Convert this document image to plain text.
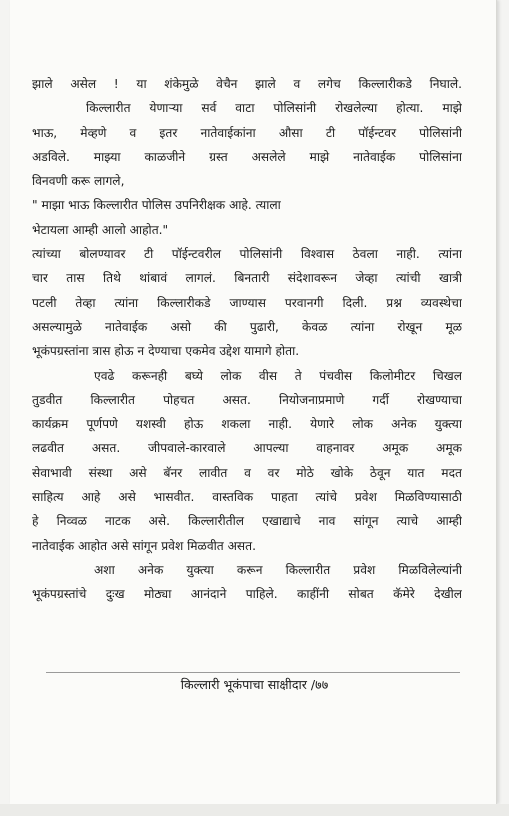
झाले असेल ! या शंकेमुळे वेचैन झाले व लगेच किल्लारीकडे निघाले.
किल्लारीत येणाऱ्या सर्व वाटा पोलिसांनी रोखलेल्या होत्या. माझे
भाऊ, मेव्हणे व इतर नातेवाईकांना औसा टी पॉईन्टवर पोलिसांनी
अडविले. माझ्या काळजीने ग्रस्त असलेले माझे नातेवाईक पोलिसांना
विनवणी करू लागले,
" माझा भाऊ किल्लारीत पोलिस उपनिरीक्षक आहे. त्याला
भेटायला आम्ही आलो आहोत."
त्यांच्या बोलण्यावर टी पॉईन्टवरील पोलिसांनी विश्वास ठेवला नाही. त्यांना
चार तास तिथे थांबावं लागलं. बिनतारी संदेशावरून जेव्हा त्यांची खात्री
पटली तेव्हा त्यांना किल्लारीकडे जाण्यास परवानगी दिली. प्रश्न व्यवस्थेचा
असल्यामुळे नातेवाईक असो की पुढारी, केवळ त्यांना रोखून मूळ
भूकंपग्रस्तांना त्रास होऊ न देण्याचा एकमेव उद्देश यामागे होता.
एवढे करूनही बघ्ये लोक वीस ते पंचवीस किलोमीटर चिखल
तुडवीत किल्लारीत पोहचत असत. नियोजनाप्रमाणे गर्दी रोखण्याचा
कार्यक्रम पूर्णपणे यशस्वी होऊ शकला नाही. येणारे लोक अनेक युक्त्या
लढवीत असत. जीपवाले-कारवाले आपल्या वाहनावर अमूक अमूक
सेवाभावी संस्था असे बॅनर लावीत व वर मोठे खोके ठेवून यात मदत
साहित्य आहे असे भासवीत. वास्तविक पाहता त्यांचे प्रवेश मिळविण्यासाठी
हे निव्वळ नाटक असे. किल्लारीतील एखाद्याचे नाव सांगून त्याचे आम्ही
नातेवाईक आहोत असे सांगून प्रवेश मिळवीत असत.
अशा अनेक युक्त्या करून किल्लारीत प्रवेश मिळविलेल्यांनी
भूकंपग्रस्तांचे दुःख मोठ्या आनंदाने पाहिले. काहींनी सोबत कॅमेरे देखील
किल्लारी भूकंपाचा साक्षीदार /७७
